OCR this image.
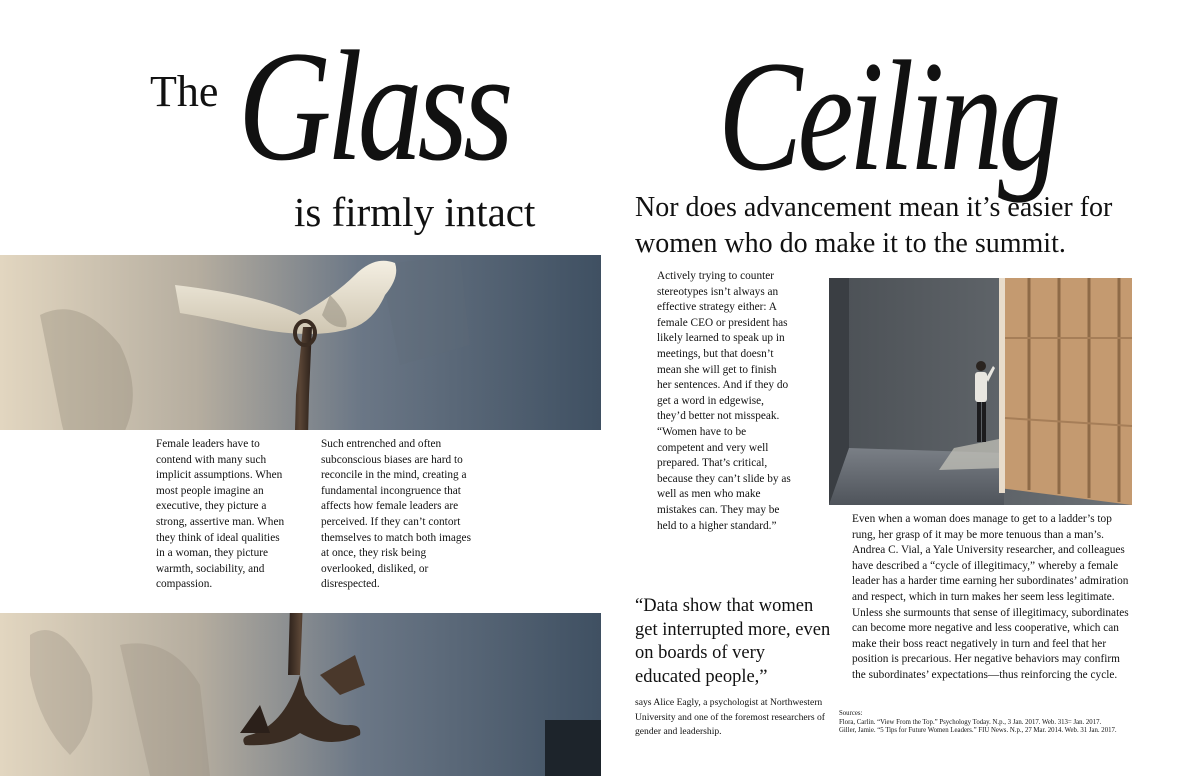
The Glass Ceiling
is firmly intact	Nor does advancement mean it’s easier for women who do make it to the summit.
Female leaders have to contend with many such implicit assumptions. When most people imagine an executive, they picture a strong, assertive man. When they think of ideal qualities in a woman, they picture warmth, sociability, and compassion.
Such entrenched and often subconscious biases are hard to reconcile in the mind, creating a fundamental incongruence that affects how female leaders are perceived. If they can’t contort themselves to match both images at once, they risk being overlooked, disliked, or disrespected.
Actively trying to counter stereotypes isn’t always an effective strategy either: A female CEO or president has likely learned to speak up in meetings, but that doesn’t mean she will get to finish her sentences. And if they do get a word in edgewise, they’d better not misspeak. “Women have to be competent and very well prepared. That’s critical, because they can’t slide by as well as men who make mistakes can. They may be held to a higher standard.”
Even when a woman does manage to get to a ladder’s top rung, her grasp of it may be more tenuous than a man’s. Andrea C. Vial, a Yale University researcher, and colleagues have described a “cycle of illegitimacy,” whereby a female leader has a harder time earning her subordinates’ admiration and respect, which in turn makes her seem less legitimate. Unless she surmounts that sense of illegitimacy, subordinates can become more negative and less cooperative, which can make their boss react negatively in turn and feel that her position is precarious. Her negative behaviors may confirm the subordinates’ expectations—thus reinforcing the cycle.
“Data show that women get interrupted more, even on boards of very educated people,”
says Alice Eagly, a psychologist at Northwestern University and one of the foremost researchers of gender and leadership.
Sources:
Flora, Carlin. “View From the Top.” Psychology Today. N.p., 3 Jan. 2017. Web. 313= Jan. 2017.
Giller, Jamie. “5 Tips for Future Women Leaders.” FIU News. N.p., 27 Mar. 2014. Web. 31 Jan. 2017.
